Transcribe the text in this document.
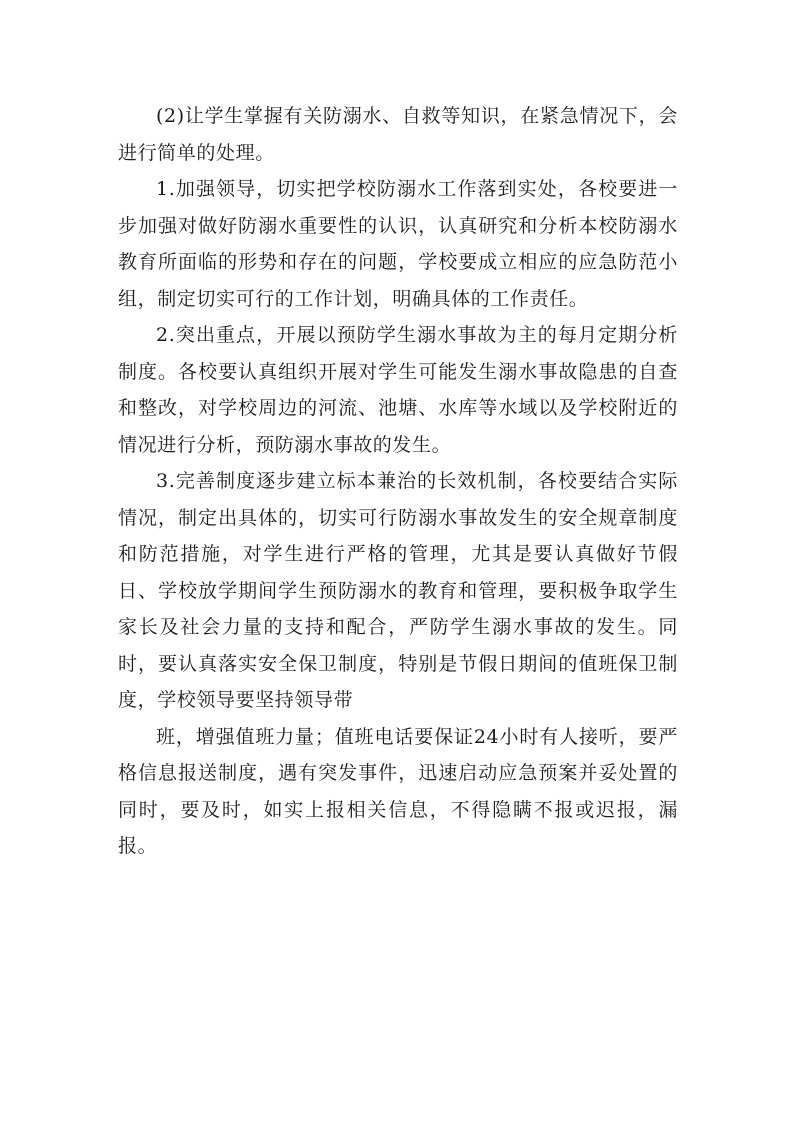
(2)让学生掌握有关防溺水、自救等知识，在紧急情况下，会进行简单的处理。

1.加强领导，切实把学校防溺水工作落到实处，各校要进一步加强对做好防溺水重要性的认识，认真研究和分析本校防溺水教育所面临的形势和存在的问题，学校要成立相应的应急防范小组，制定切实可行的工作计划，明确具体的工作责任。

2.突出重点，开展以预防学生溺水事故为主的每月定期分析制度。各校要认真组织开展对学生可能发生溺水事故隐患的自查和整改，对学校周边的河流、池塘、水库等水域以及学校附近的情况进行分析，预防溺水事故的发生。

3.完善制度逐步建立标本兼治的长效机制，各校要结合实际情况，制定出具体的，切实可行防溺水事故发生的安全规章制度和防范措施，对学生进行严格的管理，尤其是要认真做好节假日、学校放学期间学生预防溺水的教育和管理，要积极争取学生家长及社会力量的支持和配合，严防学生溺水事故的发生。同时，要认真落实安全保卫制度，特别是节假日期间的值班保卫制度，学校领导要坚持领导带

班，增强值班力量；值班电话要保证24小时有人接听，要严格信息报送制度，遇有突发事件，迅速启动应急预案并妥处置的同时，要及时，如实上报相关信息，不得隐瞒不报或迟报，漏报。
